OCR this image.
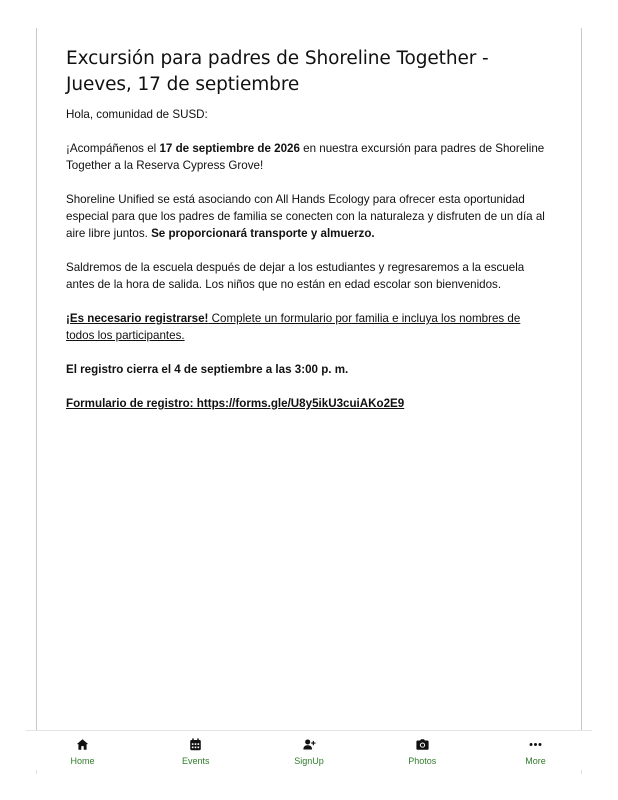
Excursión para padres de Shoreline Together - Jueves, 17 de septiembre

Hola, comunidad de SUSD:

¡Acompáñenos el 17 de septiembre de 2026 en nuestra excursión para padres de Shoreline Together a la Reserva Cypress Grove!

Shoreline Unified se está asociando con All Hands Ecology para ofrecer esta oportunidad especial para que los padres de familia se conecten con la naturaleza y disfruten de un día al aire libre juntos. Se proporcionará transporte y almuerzo.

Saldremos de la escuela después de dejar a los estudiantes y regresaremos a la escuela antes de la hora de salida. Los niños que no están en edad escolar son bienvenidos.

¡Es necesario registrarse! Complete un formulario por familia e incluya los nombres de todos los participantes.

El registro cierra el 4 de septiembre a las 3:00 p. m.

Formulario de registro: https://forms.gle/U8y5ikU3cuiAKo2E9

Home	Events	SignUp	Photos	More
